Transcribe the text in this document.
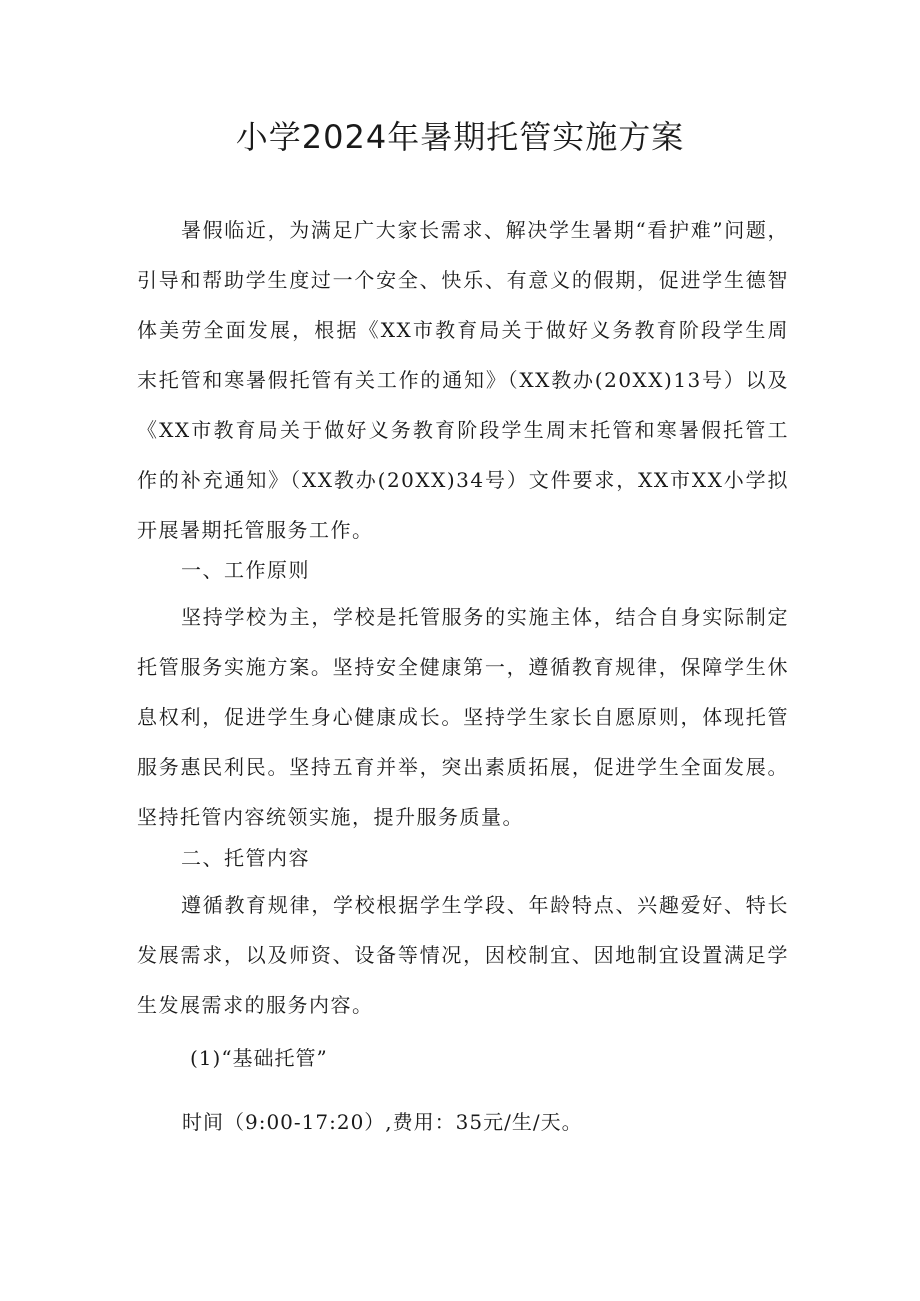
小学2024年暑期托管实施方案

暑假临近，为满足广大家长需求、解决学生暑期“看护难”问题，引导和帮助学生度过一个安全、快乐、有意义的假期，促进学生德智体美劳全面发展，根据《XX市教育局关于做好义务教育阶段学生周末托管和寒暑假托管有关工作的通知》（XX教办(20XX)13号）以及《XX市教育局关于做好义务教育阶段学生周末托管和寒暑假托管工作的补充通知》（XX教办(20XX)34号）文件要求，XX市XX小学拟开展暑期托管服务工作。

一、工作原则

坚持学校为主，学校是托管服务的实施主体，结合自身实际制定托管服务实施方案。坚持安全健康第一，遵循教育规律，保障学生休息权利，促进学生身心健康成长。坚持学生家长自愿原则，体现托管服务惠民利民。坚持五育并举，突出素质拓展，促进学生全面发展。坚持托管内容统领实施，提升服务质量。

二、托管内容

遵循教育规律，学校根据学生学段、年龄特点、兴趣爱好、特长发展需求，以及师资、设备等情况，因校制宜、因地制宜设置满足学生发展需求的服务内容。

(1)“基础托管”

时间（9:00-17:20）,费用：35元/生/天。
